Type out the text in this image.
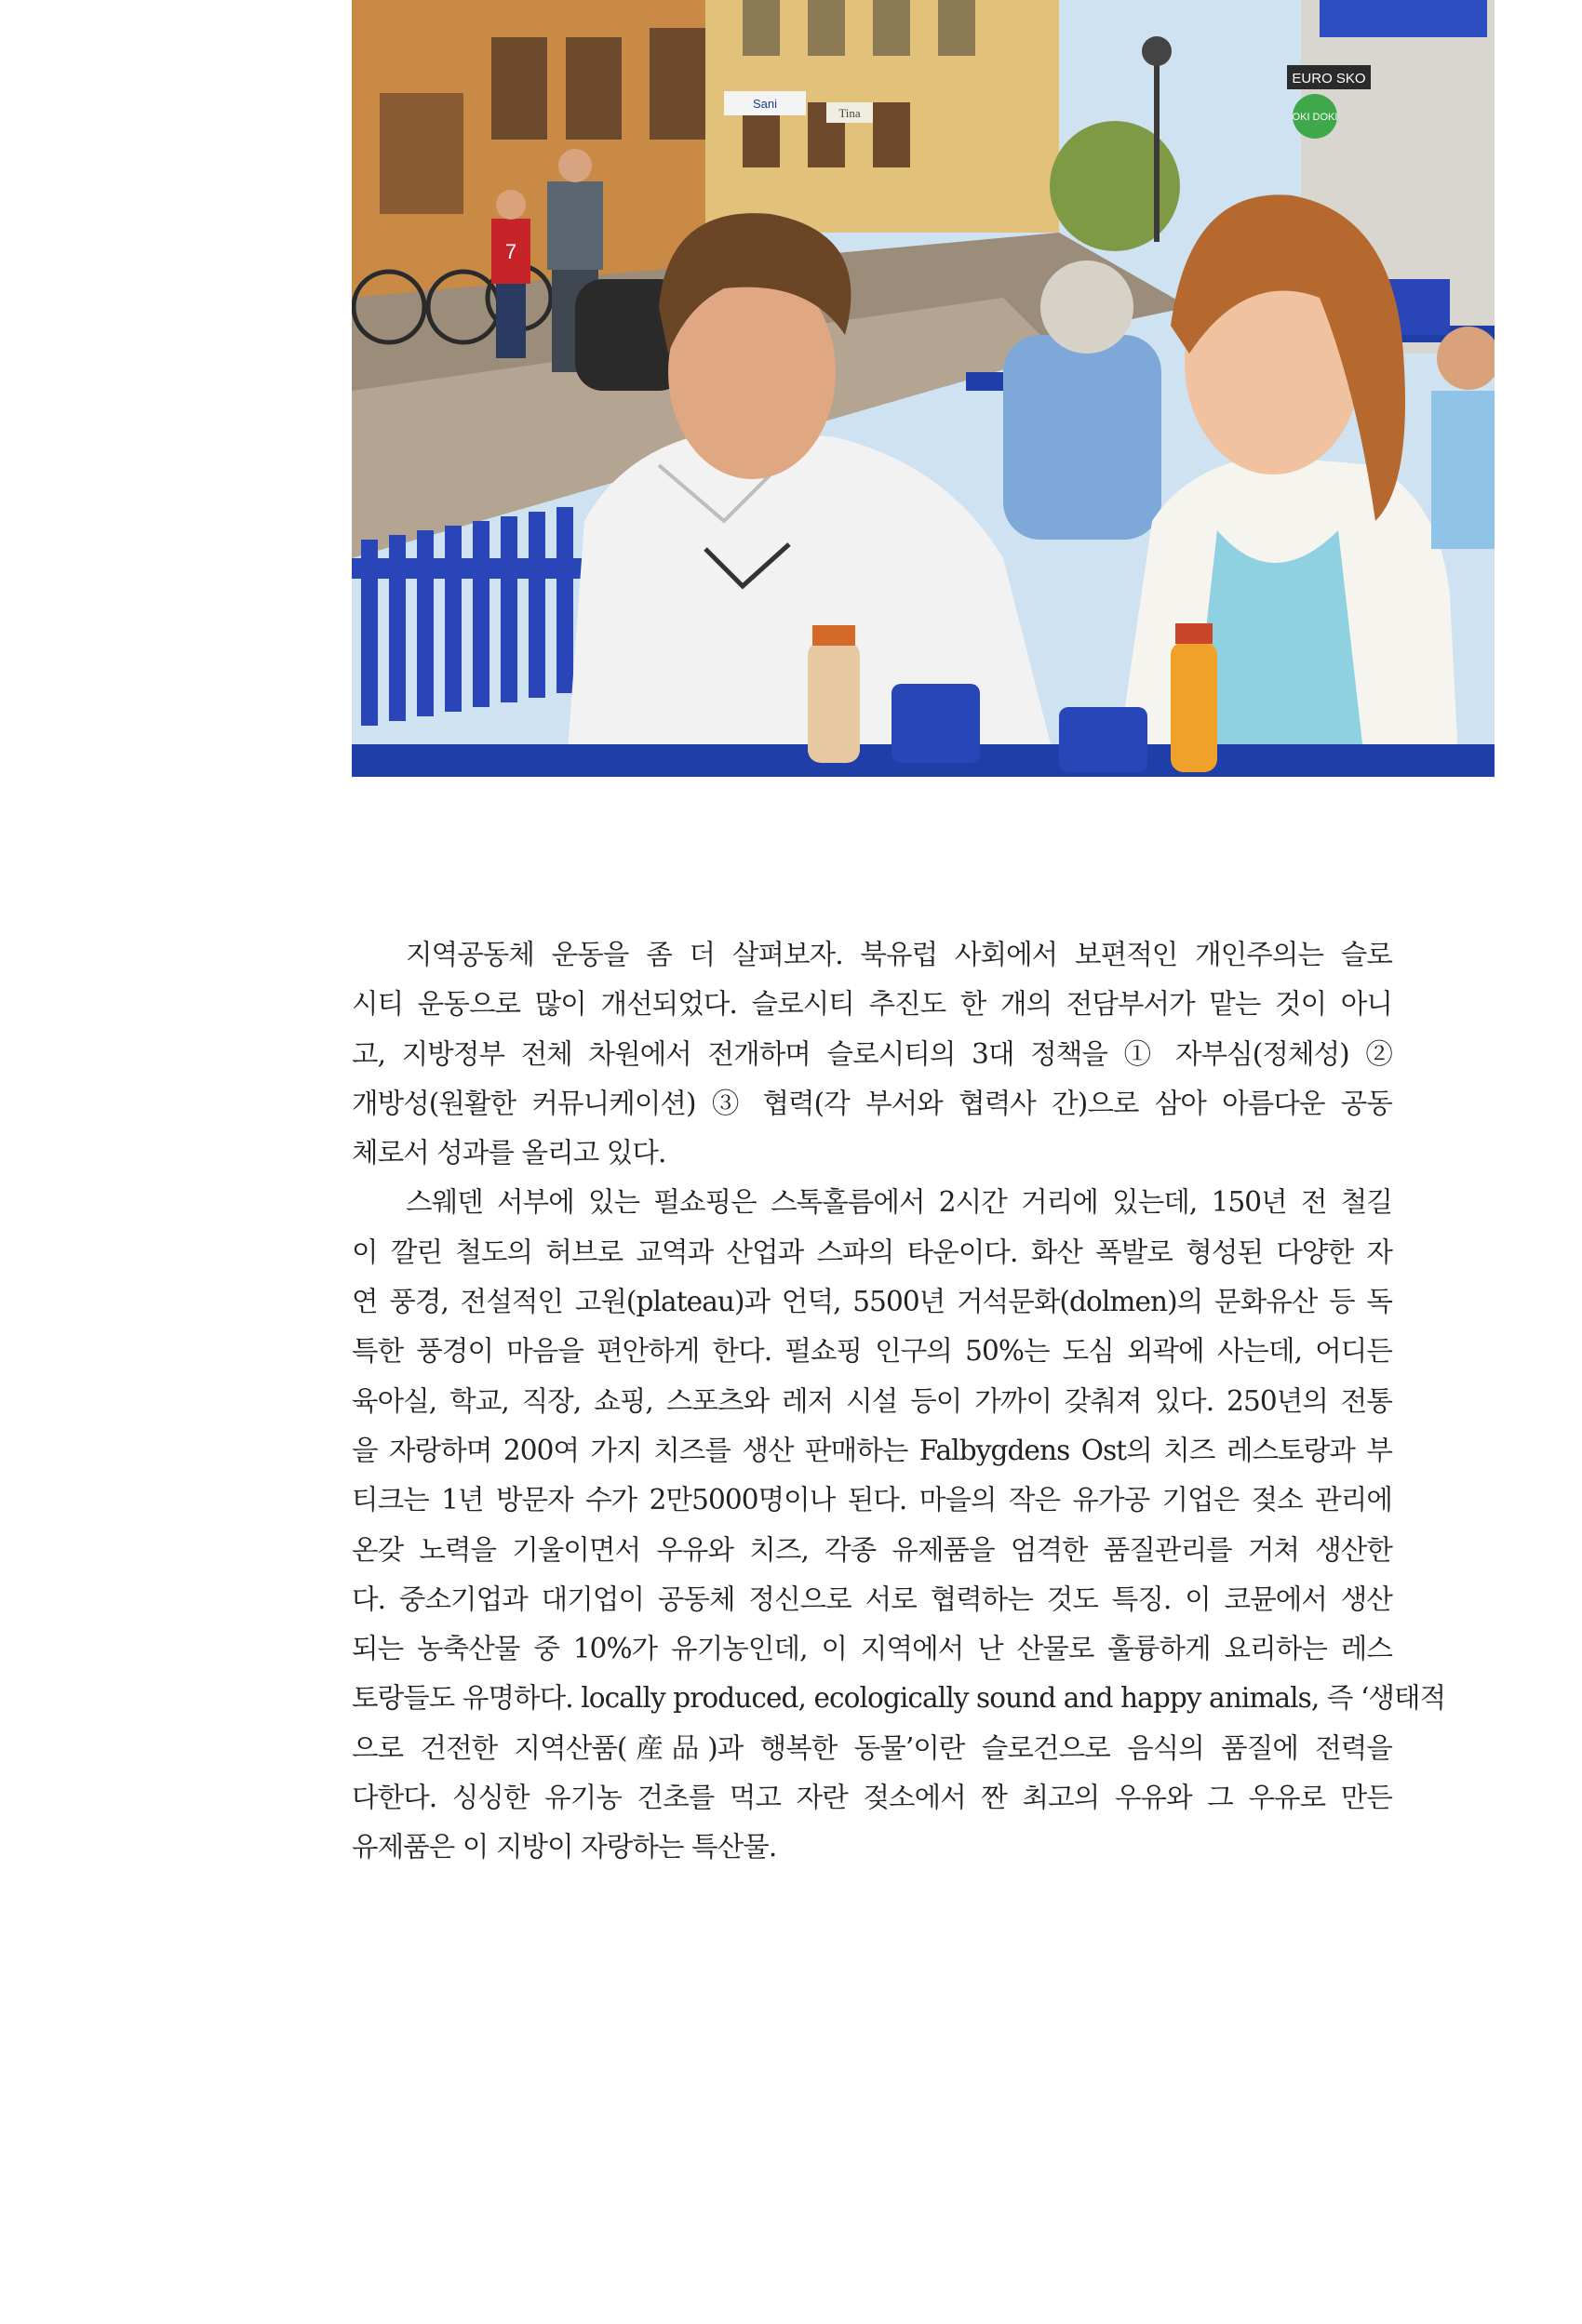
EURO SKO
OKI DOKI
Sani
Tina
7

지역공동체 운동을 좀 더 살펴보자. 북유럽 사회에서 보편적인 개인주의는 슬로
시티 운동으로 많이 개선되었다. 슬로시티 추진도 한 개의 전담부서가 맡는 것이 아니
고, 지방정부 전체 차원에서 전개하며 슬로시티의 3대 정책을 ① 자부심(정체성) ②
개방성(원활한 커뮤니케이션) ③ 협력(각 부서와 협력사 간)으로 삼아 아름다운 공동
체로서 성과를 올리고 있다.

스웨덴 서부에 있는 펄쇼핑은 스톡홀름에서 2시간 거리에 있는데, 150년 전 철길
이 깔린 철도의 허브로 교역과 산업과 스파의 타운이다. 화산 폭발로 형성된 다양한 자
연 풍경, 전설적인 고원(plateau)과 언덕, 5500년 거석문화(dolmen)의 문화유산 등 독
특한 풍경이 마음을 편안하게 한다. 펄쇼핑 인구의 50%는 도심 외곽에 사는데, 어디든
육아실, 학교, 직장, 쇼핑, 스포츠와 레저 시설 등이 가까이 갖춰져 있다. 250년의 전통
을 자랑하며 200여 가지 치즈를 생산 판매하는 Falbygdens Ost의 치즈 레스토랑과 부
티크는 1년 방문자 수가 2만5000명이나 된다. 마을의 작은 유가공 기업은 젖소 관리에
온갖 노력을 기울이면서 우유와 치즈, 각종 유제품을 엄격한 품질관리를 거쳐 생산한
다. 중소기업과 대기업이 공동체 정신으로 서로 협력하는 것도 특징. 이 코뮨에서 생산
되는 농축산물 중 10%가 유기농인데, 이 지역에서 난 산물로 훌륭하게 요리하는 레스
토랑들도 유명하다. locally produced, ecologically sound and happy animals, 즉 ‘생태적
으로 건전한 지역산품(産品)과 행복한 동물’이란 슬로건으로 음식의 품질에 전력을
다한다. 싱싱한 유기농 건초를 먹고 자란 젖소에서 짠 최고의 우유와 그 우유로 만든
유제품은 이 지방이 자랑하는 특산물.
